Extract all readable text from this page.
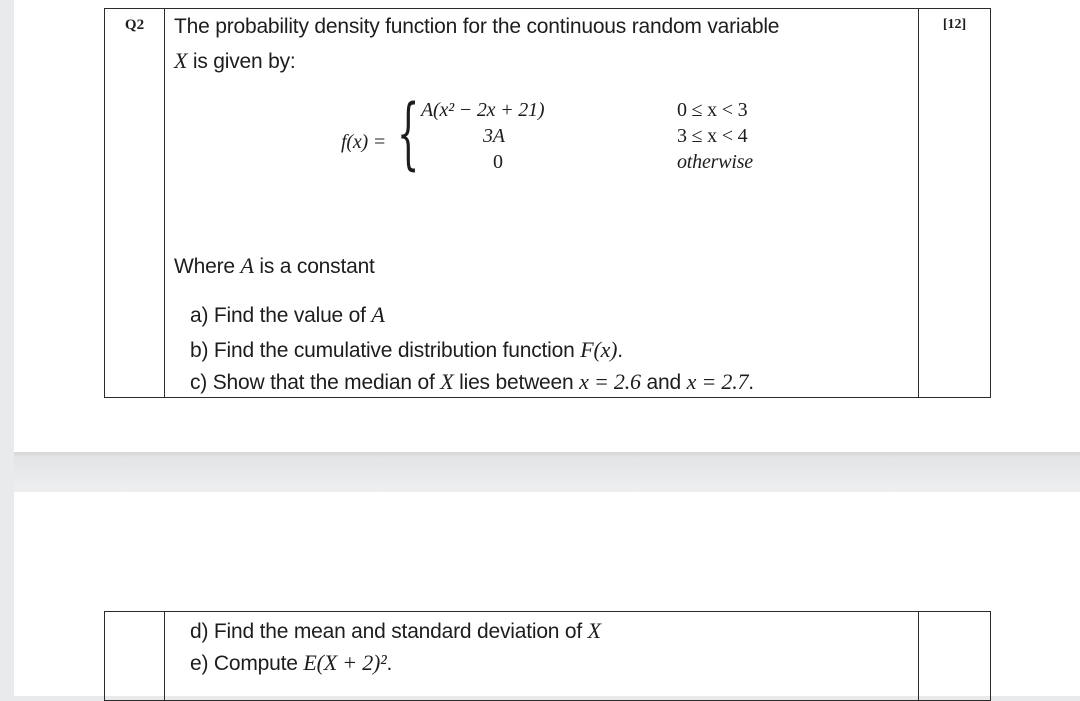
Q2	The probability density function for the continuous random variable
X is given by:
f(x) = { A(x² − 2x + 21)	0 ≤ x < 3
3A	3 ≤ x < 4
0	otherwise
Where A is a constant
a) Find the value of A
b) Find the cumulative distribution function F(x).
c) Show that the median of X lies between x = 2.6 and x = 2.7.
	[12]

d) Find the mean and standard deviation of X
e) Compute E(X + 2)².
